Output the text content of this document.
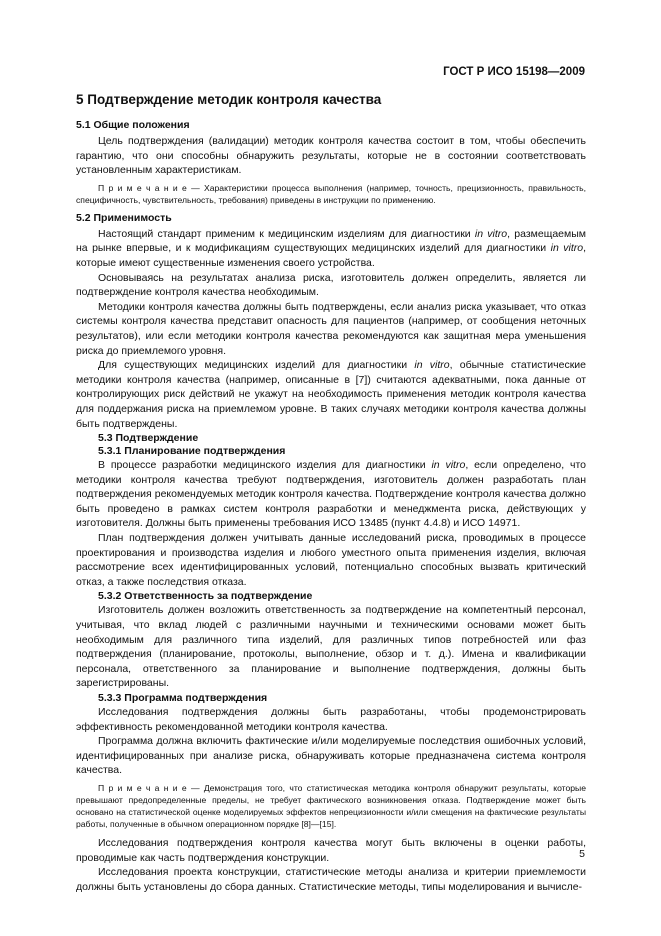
ГОСТ Р ИСО 15198—2009
5 Подтверждение методик контроля качества
5.1 Общие положения

Цель подтверждения (валидации) методик контроля качества состоит в том, чтобы обеспечить гарантию, что они способны обнаружить результаты, которые не в состоянии соответствовать установленным характеристикам.

П р и м е ч а н и е — Характеристики процесса выполнения (например, точность, прецизионность, правильность, специфичность, чувствительность, требования) приведены в инструкции по применению.

5.2 Применимость

Настоящий стандарт применим к медицинским изделиям для диагностики in vitro, размещаемым на рынке впервые, и к модификациям существующих медицинских изделий для диагностики in vitro, которые имеют существенные изменения своего устройства.

Основываясь на результатах анализа риска, изготовитель должен определить, является ли подтверждение контроля качества необходимым.

Методики контроля качества должны быть подтверждены, если анализ риска указывает, что отказ системы контроля качества представит опасность для пациентов (например, от сообщения неточных результатов), или если методики контроля качества рекомендуются как защитная мера уменьшения риска до приемлемого уровня.

Для существующих медицинских изделий для диагностики in vitro, обычные статистические методики контроля качества (например, описанные в [7]) считаются адекватными, пока данные от контролирующих риск действий не укажут на необходимость применения методик контроля качества для поддержания риска на приемлемом уровне. В таких случаях методики контроля качества должны быть подтверждены.

5.3 Подтверждение
5.3.1 Планирование подтверждения

В процессе разработки медицинского изделия для диагностики in vitro, если определено, что методики контроля качества требуют подтверждения, изготовитель должен разработать план подтверждения рекомендуемых методик контроля качества. Подтверждение контроля качества должно быть проведено в рамках систем контроля разработки и менеджмента риска, действующих у изготовителя. Должны быть применены требования ИСО 13485 (пункт 4.4.8) и ИСО 14971.

План подтверждения должен учитывать данные исследований риска, проводимых в процессе проектирования и производства изделия и любого уместного опыта применения изделия, включая рассмотрение всех идентифицированных условий, потенциально способных вызвать критический отказ, а также последствия отказа.

5.3.2 Ответственность за подтверждение

Изготовитель должен возложить ответственность за подтверждение на компетентный персонал, учитывая, что вклад людей с различными научными и техническими основами может быть необходимым для различного типа изделий, для различных типов потребностей или фаз подтверждения (планирование, протоколы, выполнение, обзор и т. д.). Имена и квалификации персонала, ответственного за планирование и выполнение подтверждения, должны быть зарегистрированы.

5.3.3 Программа подтверждения

Исследования подтверждения должны быть разработаны, чтобы продемонстрировать эффективность рекомендованной методики контроля качества.

Программа должна включить фактические и/или моделируемые последствия ошибочных условий, идентифицированных при анализе риска, обнаруживать которые предназначена система контроля качества.

П р и м е ч а н и е — Демонстрация того, что статистическая методика контроля обнаружит результаты, которые превышают предопределенные пределы, не требует фактического возникновения отказа. Подтверждение может быть основано на статистической оценке моделируемых эффектов непрецизионности и/или смещения на фактические результаты работы, полученные в обычном операционном порядке [8]—[15].

Исследования подтверждения контроля качества могут быть включены в оценки работы, проводимые как часть подтверждения конструкции.

Исследования проекта конструкции, статистические методы анализа и критерии приемлемости должны быть установлены до сбора данных. Статистические методы, типы моделирования и вычисле-

5
